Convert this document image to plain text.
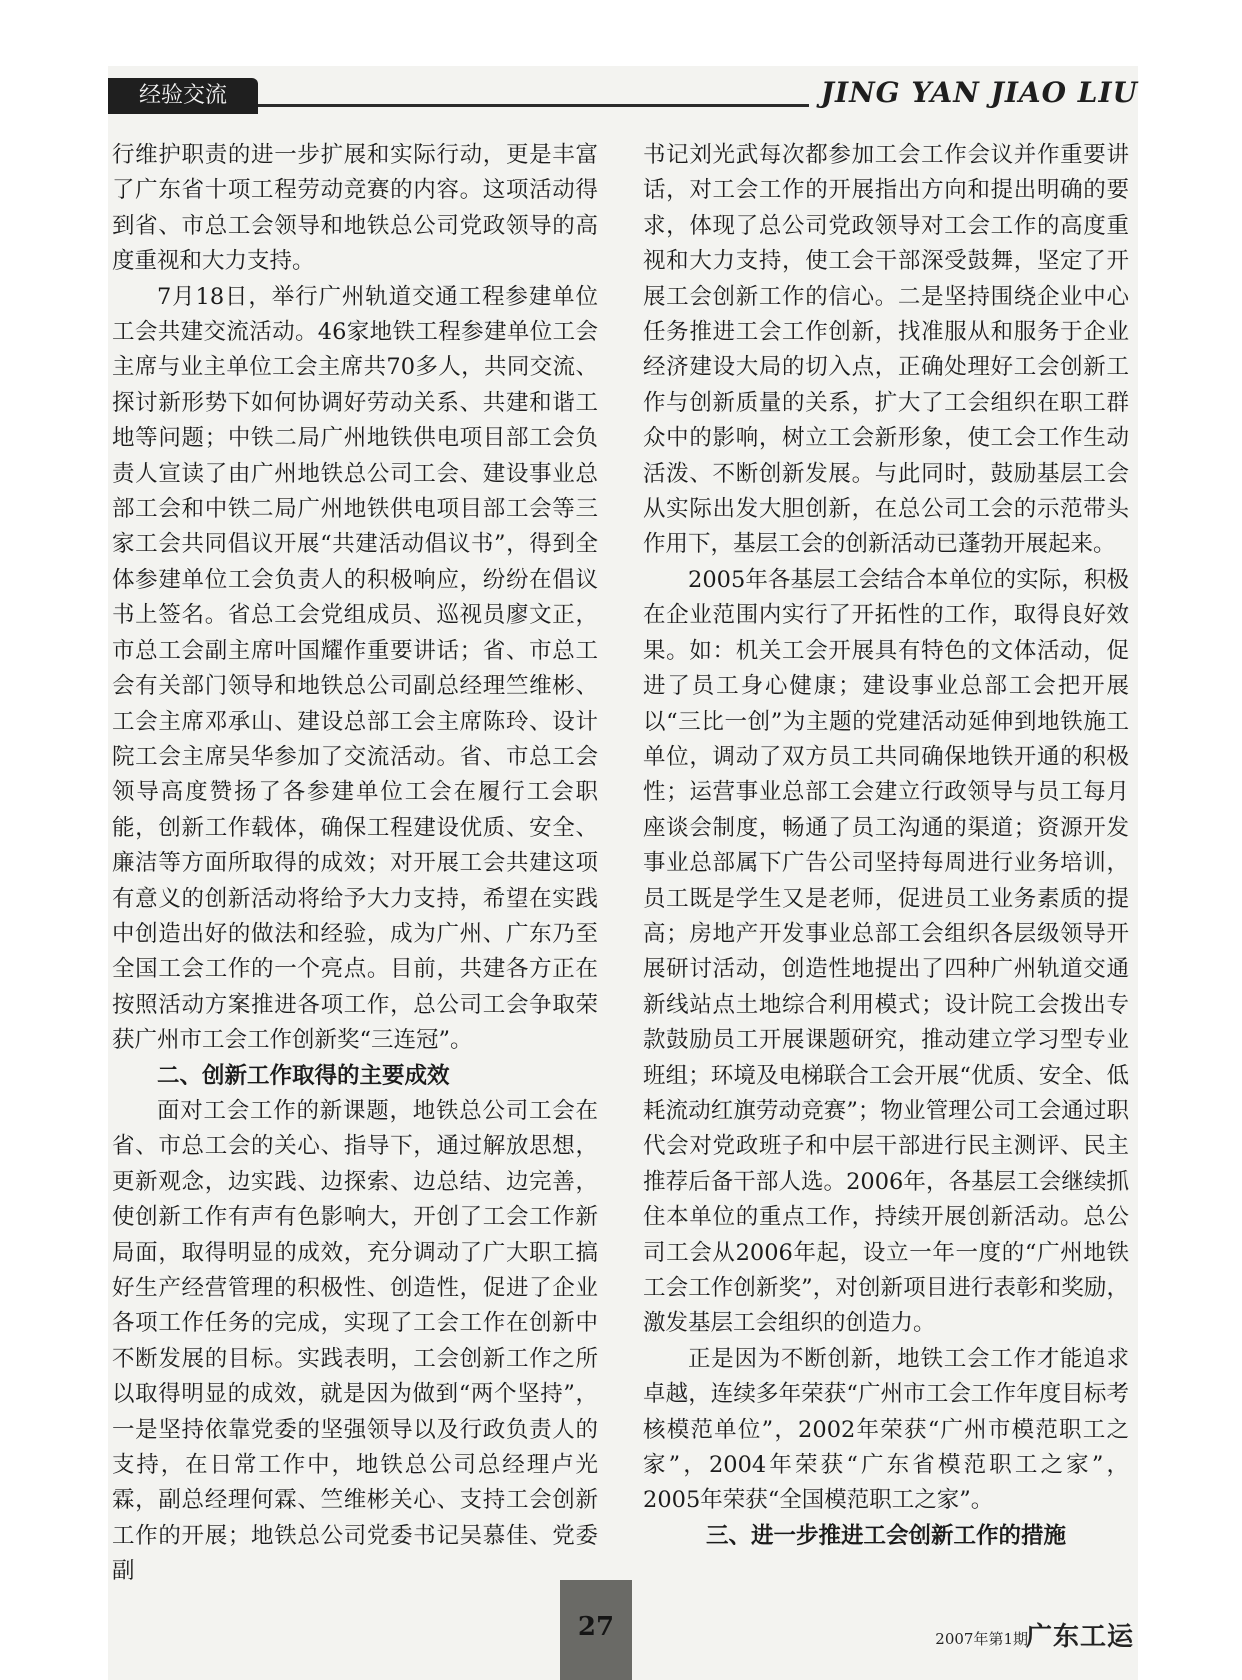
经验交流	JING YAN JIAO LIU

行维护职责的进一步扩展和实际行动，更是丰富了广东省十项工程劳动竞赛的内容。这项活动得到省、市总工会领导和地铁总公司党政领导的高度重视和大力支持。

7月18日，举行广州轨道交通工程参建单位工会共建交流活动。46家地铁工程参建单位工会主席与业主单位工会主席共70多人，共同交流、探讨新形势下如何协调好劳动关系、共建和谐工地等问题；中铁二局广州地铁供电项目部工会负责人宣读了由广州地铁总公司工会、建设事业总部工会和中铁二局广州地铁供电项目部工会等三家工会共同倡议开展“共建活动倡议书”，得到全体参建单位工会负责人的积极响应，纷纷在倡议书上签名。省总工会党组成员、巡视员廖文正，市总工会副主席叶国耀作重要讲话；省、市总工会有关部门领导和地铁总公司副总经理竺维彬、工会主席邓承山、建设总部工会主席陈玲、设计院工会主席吴华参加了交流活动。省、市总工会领导高度赞扬了各参建单位工会在履行工会职能，创新工作载体，确保工程建设优质、安全、廉洁等方面所取得的成效；对开展工会共建这项有意义的创新活动将给予大力支持，希望在实践中创造出好的做法和经验，成为广州、广东乃至全国工会工作的一个亮点。目前，共建各方正在按照活动方案推进各项工作，总公司工会争取荣获广州市工会工作创新奖“三连冠”。

二、创新工作取得的主要成效

面对工会工作的新课题，地铁总公司工会在省、市总工会的关心、指导下，通过解放思想，更新观念，边实践、边探索、边总结、边完善，使创新工作有声有色影响大，开创了工会工作新局面，取得明显的成效，充分调动了广大职工搞好生产经营管理的积极性、创造性，促进了企业各项工作任务的完成，实现了工会工作在创新中不断发展的目标。实践表明，工会创新工作之所以取得明显的成效，就是因为做到“两个坚持”，一是坚持依靠党委的坚强领导以及行政负责人的支持，在日常工作中，地铁总公司总经理卢光霖，副总经理何霖、竺维彬关心、支持工会创新工作的开展；地铁总公司党委书记吴慕佳、党委副

书记刘光武每次都参加工会工作会议并作重要讲话，对工会工作的开展指出方向和提出明确的要求，体现了总公司党政领导对工会工作的高度重视和大力支持，使工会干部深受鼓舞，坚定了开展工会创新工作的信心。二是坚持围绕企业中心任务推进工会工作创新，找准服从和服务于企业经济建设大局的切入点，正确处理好工会创新工作与创新质量的关系，扩大了工会组织在职工群众中的影响，树立工会新形象，使工会工作生动活泼、不断创新发展。与此同时，鼓励基层工会从实际出发大胆创新，在总公司工会的示范带头作用下，基层工会的创新活动已蓬勃开展起来。

2005年各基层工会结合本单位的实际，积极在企业范围内实行了开拓性的工作，取得良好效果。如：机关工会开展具有特色的文体活动，促进了员工身心健康；建设事业总部工会把开展以“三比一创”为主题的党建活动延伸到地铁施工单位，调动了双方员工共同确保地铁开通的积极性；运营事业总部工会建立行政领导与员工每月座谈会制度，畅通了员工沟通的渠道；资源开发事业总部属下广告公司坚持每周进行业务培训，员工既是学生又是老师，促进员工业务素质的提高；房地产开发事业总部工会组织各层级领导开展研讨活动，创造性地提出了四种广州轨道交通新线站点土地综合利用模式；设计院工会拨出专款鼓励员工开展课题研究，推动建立学习型专业班组；环境及电梯联合工会开展“优质、安全、低耗流动红旗劳动竞赛”；物业管理公司工会通过职代会对党政班子和中层干部进行民主测评、民主推荐后备干部人选。2006年，各基层工会继续抓住本单位的重点工作，持续开展创新活动。总公司工会从2006年起，设立一年一度的“广州地铁工会工作创新奖”，对创新项目进行表彰和奖励，激发基层工会组织的创造力。

正是因为不断创新，地铁工会工作才能追求卓越，连续多年荣获“广州市工会工作年度目标考核模范单位”，2002年荣获“广州市模范职工之家”，2004年荣获“广东省模范职工之家”，2005年荣获“全国模范职工之家”。

三、进一步推进工会创新工作的措施
27	2007年第1期
广东工运
